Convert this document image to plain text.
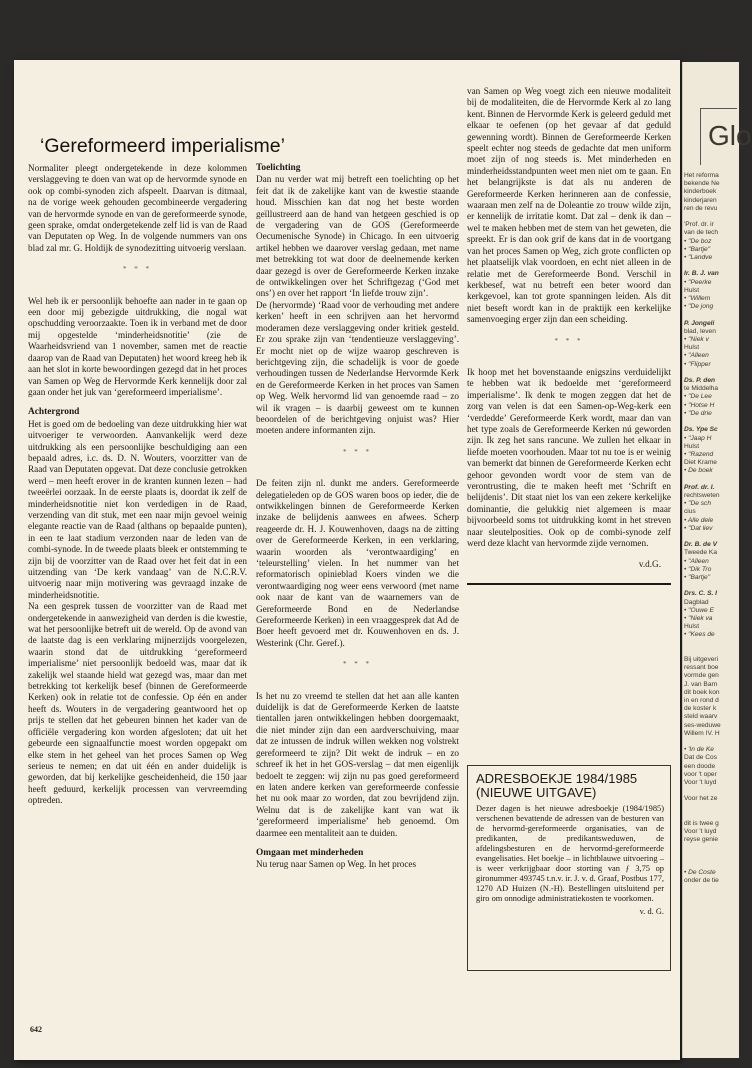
‘Gereformeerd imperialisme’

Normaliter pleegt ondergetekende in deze kolommen verslaggeving te doen van wat op de hervormde synode en ook op combi-synoden zich afspeelt. Daarvan is ditmaal, na de vorige week gehouden gecombineerde vergadering van de hervormde synode en van de gereformeerde synode, geen sprake, omdat ondergetekende zelf lid is van de Raad van Deputaten op Weg. In de volgende nummers van ons blad zal mr. G. Holdijk de synodezitting uitvoerig verslaan.

* * *

Wel heb ik er persoonlijk behoefte aan nader in te gaan op een door mij gebezigde uitdrukking, die nogal wat opschudding veroorzaakte. Toen ik in verband met de door mij opgestelde ‘minderheidsnotitie’ (zie de Waarheidsvriend van 1 november, samen met de reactie daarop van de Raad van Deputaten) het woord kreeg heb ik aan het slot in korte bewoordingen gezegd dat in het proces van Samen op Weg de Hervormde Kerk kennelijk door zal gaan onder het juk van ‘gereformeerd imperialisme’.

Achtergrond

Het is goed om de bedoeling van deze uitdrukking hier wat uitvoeriger te verwoorden. Aanvankelijk werd deze uitdrukking als een persoonlijke beschuldiging aan een bepaald adres, i.c. ds. D. N. Wouters, voorzitter van de Raad van Deputaten opgevat. Dat deze conclusie getrokken werd – men heeft erover in de kranten kunnen lezen – had tweeërlei oorzaak. In de eerste plaats is, doordat ik zelf de minderheidsnotitie niet kon verdedigen in de Raad, verzending van dit stuk, met een naar mijn gevoel weinig elegante reactie van de Raad (althans op bepaalde punten), in een te laat stadium verzonden naar de leden van de combi-synode. In de tweede plaats bleek er ontstemming te zijn bij de voorzitter van de Raad over het feit dat in een uitzending van ‘De kerk vandaag’ van de N.C.R.V. uitvoerig naar mijn motivering was gevraagd inzake de minderheidsnotitie.

Na een gesprek tussen de voorzitter van de Raad met ondergetekende in aanwezigheid van derden is die kwestie, wat het persoonlijke betreft uit de wereld. Op de avond van de laatste dag is een verklaring mijnerzijds voorgelezen, waarin stond dat de uitdrukking ‘gereformeerd imperialisme’ niet persoonlijk bedoeld was, maar dat ik zakelijk wel staande hield wat gezegd was, maar dan met betrekking tot kerkelijk besef (binnen de Gereformeerde Kerken) ook in relatie tot de confessie. Op één en ander heeft ds. Wouters in de vergadering geantwoord het op prijs te stellen dat het gebeuren binnen het kader van de officiële vergadering kon worden afgesloten; dat uit het gebeurde een signaalfunctie moest worden opgepakt om elke stem in het geheel van het proces Samen op Weg serieus te nemen; en dat uit één en ander duidelijk is geworden, dat bij kerkelijke gescheidenheid, die 150 jaar heeft geduurd, kerkelijk processen van vervreemding optreden.

Toelichting

Dan nu verder wat mij betreft een toelichting op het feit dat ik de zakelijke kant van de kwestie staande houd. Misschien kan dat nog het beste worden geïllustreerd aan de hand van hetgeen geschied is op de vergadering van de GOS (Gereformeerde Oecumenische Synode) in Chicago. In een uitvoerig artikel hebben we daarover verslag gedaan, met name met betrekking tot wat door de deelnemende kerken daar gezegd is over de Gereformeerde Kerken inzake de ontwikkelingen over het Schriftgezag (‘God met ons’) en over het rapport ‘In liefde trouw zijn’.

De (hervormde) ‘Raad voor de verhouding met andere kerken’ heeft in een schrijven aan het hervormd moderamen deze verslaggeving onder kritiek gesteld. Er zou sprake zijn van ‘tendentieuze verslaggeving’. Er mocht niet op de wijze waarop geschreven is berichtgeving zijn, die schadelijk is voor de goede verhoudingen tussen de Nederlandse Hervormde Kerk en de Gereformeerde Kerken in het proces van Samen op Weg. Welk hervormd lid van genoemde raad – zo wil ik vragen – is daarbij geweest om te kunnen beoordelen of de berichtgeving onjuist was? Hier moeten andere informanten zijn.

* * *

De feiten zijn nl. dunkt me anders. Gereformeerde delegatieleden op de GOS waren boos op ieder, die de ontwikkelingen binnen de Gereformeerde Kerken inzake de belijdenis aanwees en afwees. Scherp reageerde dr. H. J. Kouwenhoven, daags na de zitting over de Gereformeerde Kerken, in een verklaring, waarin woorden als ‘verontwaardiging’ en ‘teleurstelling’ vielen. In het nummer van het reformatorisch opinieblad Koers vinden we die verontwaardiging nog weer eens verwoord (met name ook naar de kant van de waarnemers van de Gereformeerde Bond en de Nederlandse Gereformeerde Kerken) in een vraaggesprek dat Ad de Boer heeft gevoerd met dr. Kouwenhoven en ds. J. Westerink (Chr. Geref.).

* * *

Is het nu zo vreemd te stellen dat het aan alle kanten duidelijk is dat de Gereformeerde Kerken de laatste tientallen jaren ontwikkelingen hebben doorgemaakt, die niet minder zijn dan een aardverschuiving, maar dat ze intussen de indruk willen wekken nog volstrekt gereformeerd te zijn? Dit wekt de indruk – en zo schreef ik het in het GOS-verslag – dat men eigenlijk bedoelt te zeggen: wij zijn nu pas goed gereformeerd en laten andere kerken van gereformeerde confessie het nu ook maar zo worden, dat zou bevrijdend zijn. Welnu dat is de zakelijke kant van wat ik ‘gereformeerd imperialisme’ heb genoemd. Om daarmee een mentaliteit aan te duiden.

Omgaan met minderheden

Nu terug naar Samen op Weg. In het proces

van Samen op Weg voegt zich een nieuwe modaliteit bij de modaliteiten, die de Hervormde Kerk al zo lang kent. Binnen de Hervormde Kerk is geleerd geduld met elkaar te oefenen (op het gevaar af dat geduld gewenning wordt). Binnen de Gereformeerde Kerken speelt echter nog steeds de gedachte dat men uniform moet zijn of nog steeds is. Met minderheden en minderheidsstandpunten weet men niet om te gaan. En het belangrijkste is dat als nu anderen de Gereformeerde Kerken herinneren aan de confessie, waaraan men zelf na de Doleantie zo trouw wilde zijn, er kennelijk de irritatie komt. Dat zal – denk ik dan – wel te maken hebben met de stem van het geweten, die spreekt. Er is dan ook grif de kans dat in de voortgang van het proces Samen op Weg, zich grote conflicten op het plaatselijk vlak voordoen, en echt niet alleen in de relatie met de Gereformeerde Bond. Verschil in kerkbesef, wat nu betreft een beter woord dan kerkgevoel, kan tot grote spanningen leiden. Als dit niet beseft wordt kan in de praktijk een kerkelijke samenvoeging erger zijn dan een scheiding.

* * *

Ik hoop met het bovenstaande enigszins verduidelijkt te hebben wat ik bedoelde met ‘gereformeerd imperialisme’. Ik denk te mogen zeggen dat het de zorg van velen is dat een Samen-op-Weg-kerk een ‘verdedde’ Gereformeerde Kerk wordt, maar dan van het type zoals de Gereformeerde Kerken nú geworden zijn. Ik zeg het sans rancune. We zullen het elkaar in liefde moeten voorhouden. Maar tot nu toe is er weinig van bemerkt dat binnen de Gereformeerde Kerken echt gehoor gevonden wordt voor de stem van de verontrusting, die te maken heeft met ‘Schrift en belijdenis’. Dit staat niet los van een zekere kerkelijke dominantie, die gelukkig niet algemeen is maar bijvoorbeeld soms tot uitdrukking komt in het streven naar sleutelposities. Ook op de combi-synode zelf werd deze klacht van hervormde zijde vernomen.

v.d.G.
ADRESBOEKJE 1984/1985 (NIEUWE UITGAVE)

Dezer dagen is het nieuwe adresboekje (1984/1985) verschenen bevattende de adressen van de besturen van de hervormd-gereformeerde organisaties, van de predikanten, de predikantsweduwen, de afdelingsbesturen en de hervormd-gereformeerde evangelisaties. Het boekje – in lichtblauwe uitvoering – is weer verkrijgbaar door storting van ƒ 3,75 op gironummer 493745 t.n.v. ir. J. v. d. Graaf, Postbus 177, 1270 AD Huizen (N.-H). Bestellingen uitsluitend per giro om onnodige administratiekosten te voorkomen.

v. d. G.
642
Glo

Het reforma

bekende Ne

kinderboek

kinderjaren

ren de revu

'Prof. dr. ir

van de tech

• "De boz

• "Bartje"

• "Landve

Ir. B. J. van

• "Peerke

Hulst

• "Willem

• "De jong

P. Jongeli

blad, leven

• "Niek v

Hulst

• "Alleen

• "Flipper

Ds. P. den

te Middelha

• "De Lee

• "Hotse H

• "De drie

Ds. Ype Sc

• "Jaap H

Hulst

• "Razend

Diet Krame

• De boek

Prof. dr. I.

rechtsweten

• "De sch

cius

• Alle dele

• "Dat liev

Dr. B. de V

Tweede Ka

• "Alleen

• "Dik Tro

• "Bartje"

Drs. C. S. I

Dagblad

• "Ouwe E

• "Niek va

Hulst

• "Kees de

Bij uitgeveri

ressant boe

vormde gen

J. van Barn

dit boek kon

in en rond d

de koster k

steld waarv

ses-weduwe

Willem IV. H

• 'In de Ke

Dat de Cos

een doode

voor 't oper

Voor 't luyd

Voor het ze

dit is twee g

Voor 't luyd

reyse genie

• De Coste

onder de tie
